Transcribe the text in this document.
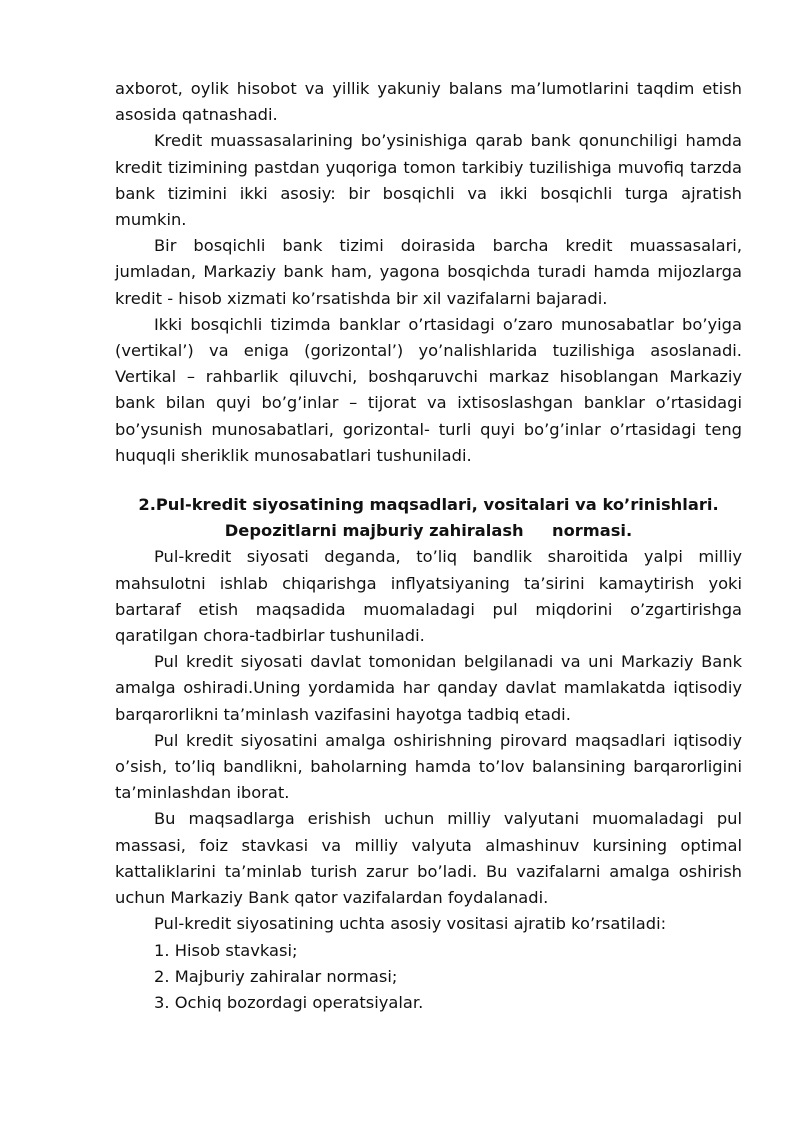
axborot, oylik hisobot va yillik yakuniy balans ma’lumotlarini taqdim etish asosida qatnashadi.

Kredit muassasalarining bo’ysinishiga qarab bank qonunchiligi hamda kredit tizimining pastdan yuqoriga tomon tarkibiy tuzilishiga muvofiq tarzda bank tizimini ikki asosiy: bir bosqichli va ikki bosqichli turga ajratish mumkin.

Bir bosqichli bank tizimi doirasida barcha kredit muassasalari, jumladan, Markaziy bank ham, yagona bosqichda turadi hamda mijozlarga kredit - hisob xizmati ko’rsatishda bir xil vazifalarni bajaradi.

Ikki bosqichli tizimda banklar o’rtasidagi o’zaro munosabatlar bo’yiga (vertikal’) va eniga (gorizontal’) yo’nalishlarida tuzilishiga asoslanadi. Vertikal – rahbarlik qiluvchi, boshqaruvchi markaz hisoblangan Markaziy bank bilan quyi bo’g’inlar – tijorat va ixtisoslashgan banklar o’rtasidagi bo’ysunish munosabatlari, gorizontal- turli quyi bo’g’inlar o’rtasidagi teng huquqli sheriklik munosabatlari tushuniladi.

2.Pul-kredit siyosatining maqsadlari, vositalari va ko’rinishlari.
Depozitlarni majburiy zahiralash     normasi.

Pul-kredit siyosati deganda, to’liq bandlik sharoitida yalpi milliy mahsulotni ishlab chiqarishga inflyatsiyaning ta’sirini kamaytirish yoki bartaraf etish maqsadida muomaladagi pul miqdorini o’zgartirishga qaratilgan chora-tadbirlar tushuniladi.

Pul kredit siyosati davlat tomonidan belgilanadi va uni Markaziy Bank amalga oshiradi.Uning yordamida har qanday davlat mamlakatda iqtisodiy barqarorlikni ta’minlash vazifasini hayotga tadbiq etadi.

Pul kredit siyosatini amalga oshirishning pirovard maqsadlari iqtisodiy o’sish, to’liq bandlikni, baholarning hamda to’lov balansining barqarorligini ta’minlashdan iborat.

Bu maqsadlarga erishish uchun milliy valyutani muomaladagi pul massasi, foiz stavkasi va milliy valyuta almashinuv kursining optimal kattaliklarini ta’minlab turish zarur bo’ladi. Bu vazifalarni amalga oshirish uchun Markaziy Bank qator vazifalardan foydalanadi.

Pul-kredit siyosatining uchta asosiy vositasi ajratib ko’rsatiladi:

1. Hisob stavkasi;

2. Majburiy zahiralar normasi;

3. Ochiq bozordagi operatsiyalar.
